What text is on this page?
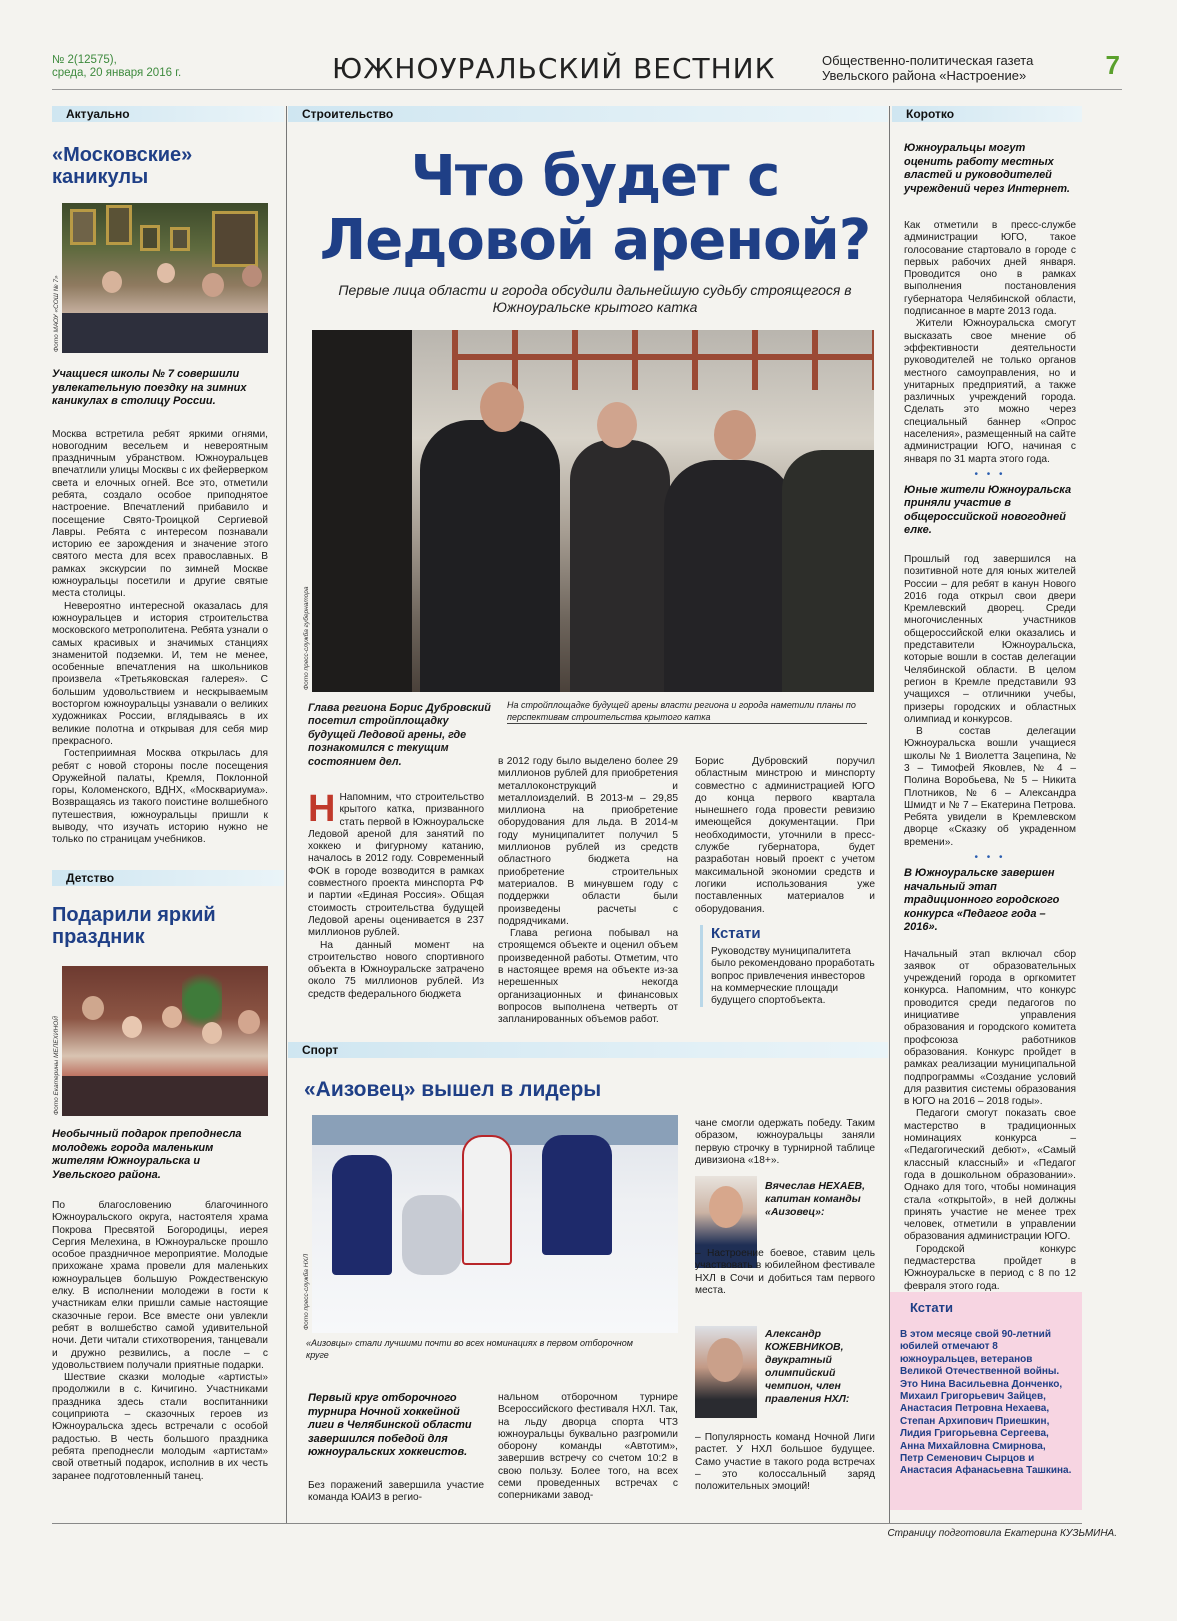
№ 2(12575),
среда, 20 января 2016 г.	ЮЖНОУРАЛЬСКИЙ ВЕСТНИК	Общественно-политическая газета
Увельского района «Настроение»	7
Актуально	Строительство	Коротко
«Московские» каникулы
Фото МАОУ «СОШ № 7»
Учащиеся школы № 7 совершили увлекательную поездку на зимних каникулах в столицу России.

Москва встретила ребят яркими огнями, новогодним весельем и невероятным праздничным убранством. Южноуральцев впечатлили улицы Москвы с их фейерверком света и елочных огней. Все это, отметили ребята, создало особое приподнятое настроение. Впечатлений прибавило и посещение Свято-Троицкой Сергиевой Лавры. Ребята с интересом познавали историю ее зарождения и значение этого святого места для всех православных. В рамках экскурсии по зимней Москве южноуральцы посетили и другие святые места столицы.

Невероятно интересной оказалась для южноуральцев и история строительства московского метрополитена. Ребята узнали о самых красивых и значимых станциях знаменитой подземки. И, тем не менее, особенные впечатления на школьников произвела «Третьяковская галерея». С большим удовольствием и нескрываемым восторгом южноуральцы узнавали о великих художниках России, вглядываясь в их великие полотна и открывая для себя мир прекрасного.

Гостеприимная Москва открылась для ребят с новой стороны после посещения Оружейной палаты, Кремля, Поклонной горы, Коломенского, ВДНХ, «Москвариума». Возвращаясь из такого поистине волшебного путешествия, южноуральцы пришли к выводу, что изучать историю нужно не только по страницам учебников.

Детство
Подарили яркий праздник
Фото Екатерины МЕЛЕХИНОЙ
Необычный подарок преподнесла молодежь города маленьким жителям Южноуральска и Увельского района.

По благословению благочинного Южноуральского округа, настоятеля храма Покрова Пресвятой Богородицы, иерея Сергия Мелехина, в Южноуральске прошло особое праздничное мероприятие. Молодые прихожане храма провели для маленьких южноуральцев большую Рождественскую елку. В исполнении молодежи в гости к участникам елки пришли самые настоящие сказочные герои. Все вместе они увлекли ребят в волшебство самой удивительной ночи. Дети читали стихотворения, танцевали и дружно резвились, а после – с удовольствием получали приятные подарки.

Шествие сказки молодые «артисты» продолжили в с. Кичигино. Участниками праздника здесь стали воспитанники социприюта – сказочных героев из Южноуральска здесь встречали с особой радостью. В честь большого праздника ребята преподнесли молодым «артистам» свой ответный подарок, исполнив в их честь заранее подготовленный танец.

Что будет с Ледовой ареной?
Первые лица области и города обсудили дальнейшую судьбу строящегося в Южноуральске крытого катка
Фото пресс-служба губернатора
Глава региона Борис Дубровский посетил стройплощадку будущей Ледовой арены, где познакомился с текущим состоянием дел.
На стройплощадке будущей арены власти региона и города наметили планы по перспективам строительства крытого катка

Н Напомним, что строительство крытого катка, призванного стать первой в Южноуральске Ледовой ареной для занятий по хоккею и фигурному катанию, началось в 2012 году. Современный ФОК в городе возводится в рамках совместного проекта минспорта РФ и партии «Единая Россия». Общая стоимость строительства будущей Ледовой арены оценивается в 237 миллионов рублей.

На данный момент на строительство нового спортивного объекта в Южноуральске затрачено около 75 миллионов рублей. Из средств федерального бюджета

в 2012 году было выделено более 29 миллионов рублей для приобретения металлоконструкций и металлоизделий. В 2013-м – 29,85 миллиона на приобретение оборудования для льда. В 2014-м году муниципалитет получил 5 миллионов рублей из средств областного бюджета на приобретение строительных материалов. В минувшем году с поддержки области были произведены расчеты с подрядчиками.

Глава региона побывал на строящемся объекте и оценил объем произведенной работы. Отметим, что в настоящее время на объекте из-за нерешенных некогда организационных и финансовых вопросов выполнена четверть от запланированных объемов работ.

Борис Дубровский поручил областным минстрою и минспорту совместно с администрацией ЮГО до конца первого квартала нынешнего года провести ревизию имеющейся документации. При необходимости, уточнили в пресс-службе губернатора, будет разработан новый проект с учетом максимальной экономии средств и логики использования уже поставленных материалов и оборудования.

Кстати

Руководству муниципалитета было рекомендовано проработать вопрос привлечения инвесторов на коммерческие площади будущего спортобъекта.

Спорт
«Аизовец» вышел в лидеры
Фото пресс-служба НХЛ
«Аизовцы» стали лучшими почти во всех номинациях в первом отборочном круге
Первый круг отборочного турнира Ночной хоккейной лиги в Челябинской области завершился победой для южноуральских хоккеистов.

Без поражений завершила участие команда ЮАИЗ в регио-

нальном отборочном турнире Всероссийского фестиваля НХЛ. Так, на льду дворца спорта ЧТЗ южноуральцы буквально разгромили оборону команды «Автотим», завершив встречу со счетом 10:2 в свою пользу. Более того, на всех семи проведенных встречах с соперниками завод-

чане смогли одержать победу. Таким образом, южноуральцы заняли первую строчку в турнирной таблице дивизиона «18+».

Вячеслав НЕХАЕВ, капитан команды «Аизовец»:

– Настроение боевое, ставим цель участвовать в юбилейном фестивале НХЛ в Сочи и добиться там первого места.

Александр КОЖЕВНИКОВ, двукратный олимпийский чемпион, член правления НХЛ:

– Популярность команд Ночной Лиги растет. У НХЛ большое будущее. Само участие в такого рода встречах – это колоссальный заряд положительных эмоций!

Южноуральцы могут оценить работу местных властей и руководителей учреждений через Интернет.

Как отметили в пресс-службе администрации ЮГО, такое голосование стартовало в городе с первых рабочих дней января. Проводится оно в рамках выполнения постановления губернатора Челябинской области, подписанное в марте 2013 года.

Жители Южноуральска смогут высказать свое мнение об эффективности деятельности руководителей не только органов местного самоуправления, но и унитарных предприятий, а также различных учреждений города. Сделать это можно через специальный баннер «Опрос населения», размещенный на сайте администрации ЮГО, начиная с января по 31 марта этого года.

• • •
Юные жители Южноуральска приняли участие в общероссийской новогодней елке.

Прошлый год завершился на позитивной ноте для юных жителей России – для ребят в канун Нового 2016 года открыл свои двери Кремлевский дворец. Среди многочисленных участников общероссийской елки оказались и представители Южноуральска, которые вошли в состав делегации Челябинской области. В целом регион в Кремле представили 93 учащихся – отличники учебы, призеры городских и областных олимпиад и конкурсов.

В состав делегации Южноуральска вошли учащиеся школы № 1 Виолетта Зацепина, № 3 – Тимофей Яковлев, № 4 – Полина Воробьева, № 5 – Никита Плотников, № 6 – Александра Шмидт и № 7 – Екатерина Петрова. Ребята увидели в Кремлевском дворце «Сказку об украденном времени».

• • •
В Южноуральске завершен начальный этап традиционного городского конкурса «Педагог года – 2016».

Начальный этап включал сбор заявок от образовательных учреждений города в оргкомитет конкурса. Напомним, что конкурс проводится среди педагогов по инициативе управления образования и городского комитета профсоюза работников образования. Конкурс пройдет в рамках реализации муниципальной подпрограммы «Создание условий для развития системы образования в ЮГО на 2016 – 2018 годы».

Педагоги смогут показать свое мастерство в традиционных номинациях конкурса – «Педагогический дебют», «Самый классный классный» и «Педагог года в дошкольном образовании». Однако для того, чтобы номинация стала «открытой», в ней должны принять участие не менее трех человек, отметили в управлении образования администрации ЮГО.

Городской конкурс педмастерства пройдет в Южноуральске в период с 8 по 12 февраля этого года.

Кстати

В этом месяце свой 90-летний юбилей отмечают 8 южноуральцев, ветеранов Великой Отечественной войны. Это Нина Васильевна Донченко, Михаил Григорьевич Зайцев, Анастасия Петровна Нехаева, Степан Архипович Приешкин, Лидия Григорьевна Сергеева, Анна Михайловна Смирнова, Петр Семенович Сырцов и Анастасия Афанасьевна Ташкина.

Страницу подготовила Екатерина КУЗЬМИНА.
